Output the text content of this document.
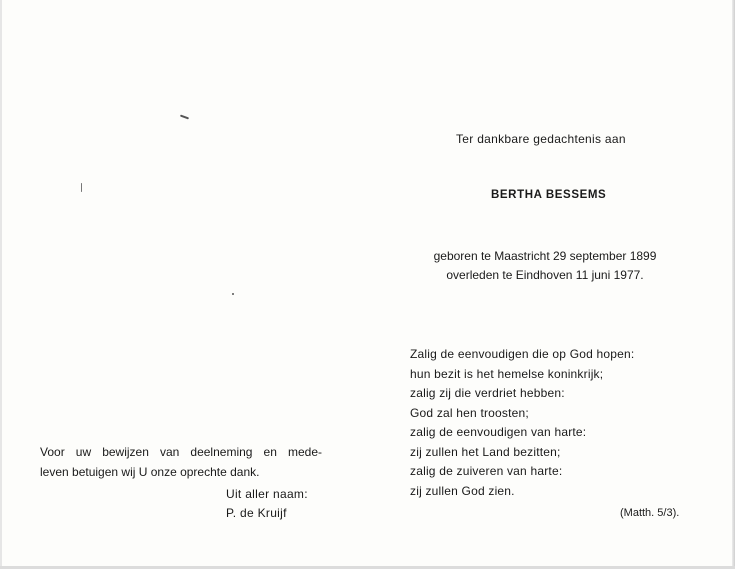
Ter dankbare gedachtenis aan
BERTHA BESSEMS
geboren te Maastricht 29 september 1899
overleden te Eindhoven 11 juni 1977.
Zalig de eenvoudigen die op God hopen:
hun bezit is het hemelse koninkrijk;
zalig zij die verdriet hebben:
God zal hen troosten;
zalig de eenvoudigen van harte:
zij zullen het Land bezitten;
zalig de zuiveren van harte:
zij zullen God zien.
(Matth. 5/3).
Voor uw bewijzen van deelneming en mede-
leven betuigen wij U onze oprechte dank.
Uit aller naam:
P. de Kruijf
